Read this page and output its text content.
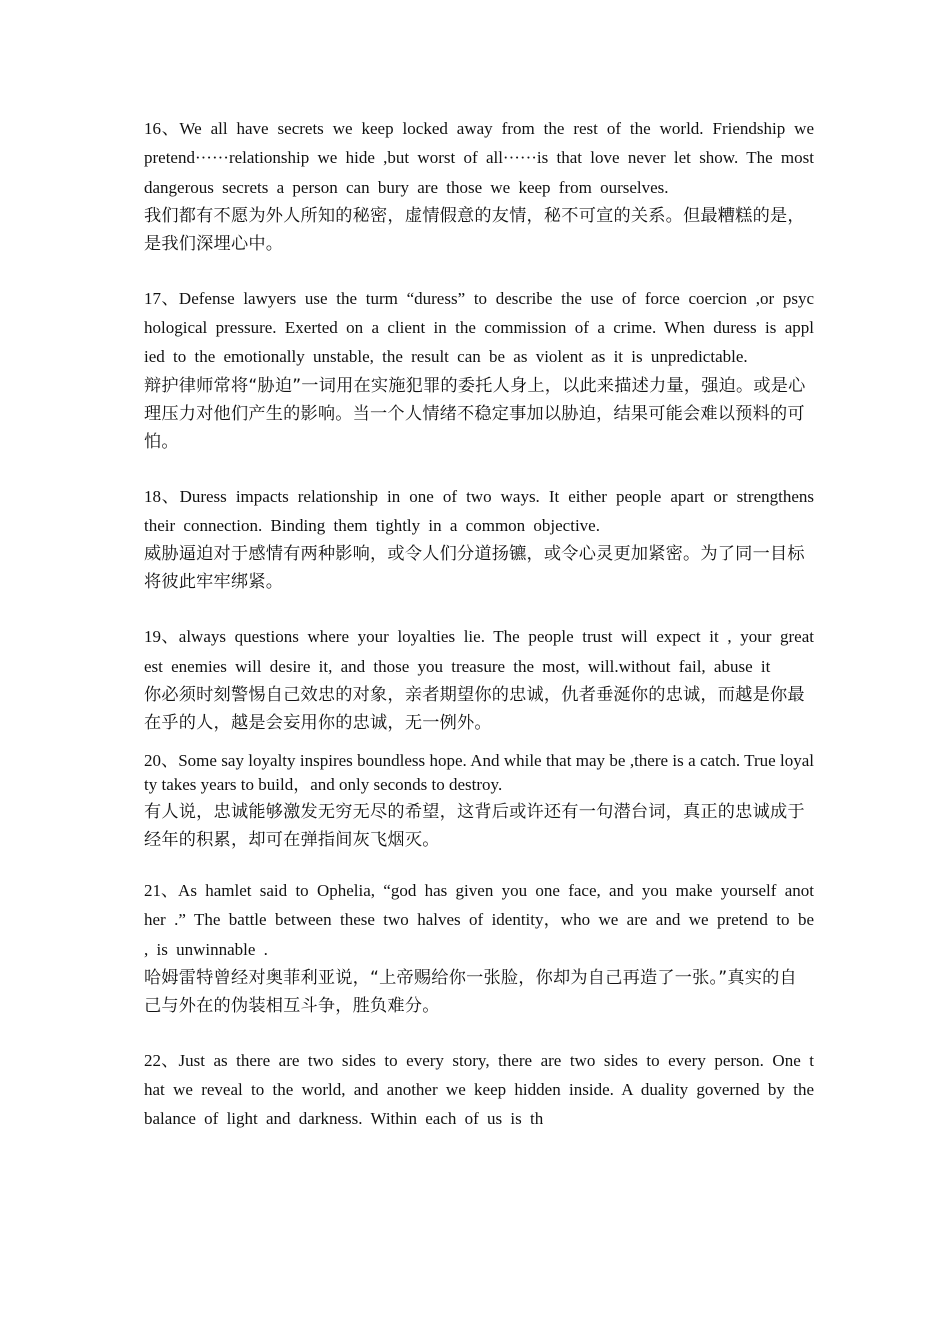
16、We all have secrets we keep locked away from the rest of the world. Friendship we pretend······relationship we hide ,but worst of all······is that love never let show. The most dangerous secrets a person can bury are those we keep from ourselves.

我们都有不愿为外人所知的秘密，虚情假意的友情，秘不可宣的关系。但最糟糕的是，是我们深埋心中。

17、Defense lawyers use the turm “duress” to describe the use of force coercion ,or psychological pressure. Exerted on a client in the commission of a crime. When duress is applied to the emotionally unstable, the result can be as violent as it is unpredictable.

辩护律师常将“胁迫”一词用在实施犯罪的委托人身上，以此来描述力量，强迫。或是心理压力对他们产生的影响。当一个人情绪不稳定事加以胁迫，结果可能会难以预料的可怕。

18、Duress impacts relationship in one of two ways. It either people apart or strengthens their connection. Binding them tightly in a common objective.

威胁逼迫对于感情有两种影响，或令人们分道扬镳，或令心灵更加紧密。为了同一目标将彼此牢牢绑紧。

19、always questions where your loyalties lie. The people trust will expect it , your greatest enemies will desire it, and those you treasure the most, will.without fail, abuse it

你必须时刻警惕自己效忠的对象，亲者期望你的忠诚，仇者垂涎你的忠诚，而越是你最在乎的人，越是会妄用你的忠诚，无一例外。

20、Some say loyalty inspires boundless hope. And while that may be ,there is a catch. True loyalty takes years to build，and only seconds to destroy.

有人说，忠诚能够激发无穷无尽的希望，这背后或许还有一句潜台词，真正的忠诚成于经年的积累，却可在弹指间灰飞烟灭。

21、As hamlet said to Ophelia, “god has given you one face, and you make yourself another .” The battle between these two halves of identity，who we are and we pretend to be , is unwinnable .

哈姆雷特曾经对奥菲利亚说，“上帝赐给你一张脸，你却为自己再造了一张。”真实的自己与外在的伪装相互斗争，胜负难分。

22、Just as there are two sides to every story, there are two sides to every person. One that we reveal to the world, and another we keep hidden inside. A duality governed by the balance of light and darkness. Within each of us is th
